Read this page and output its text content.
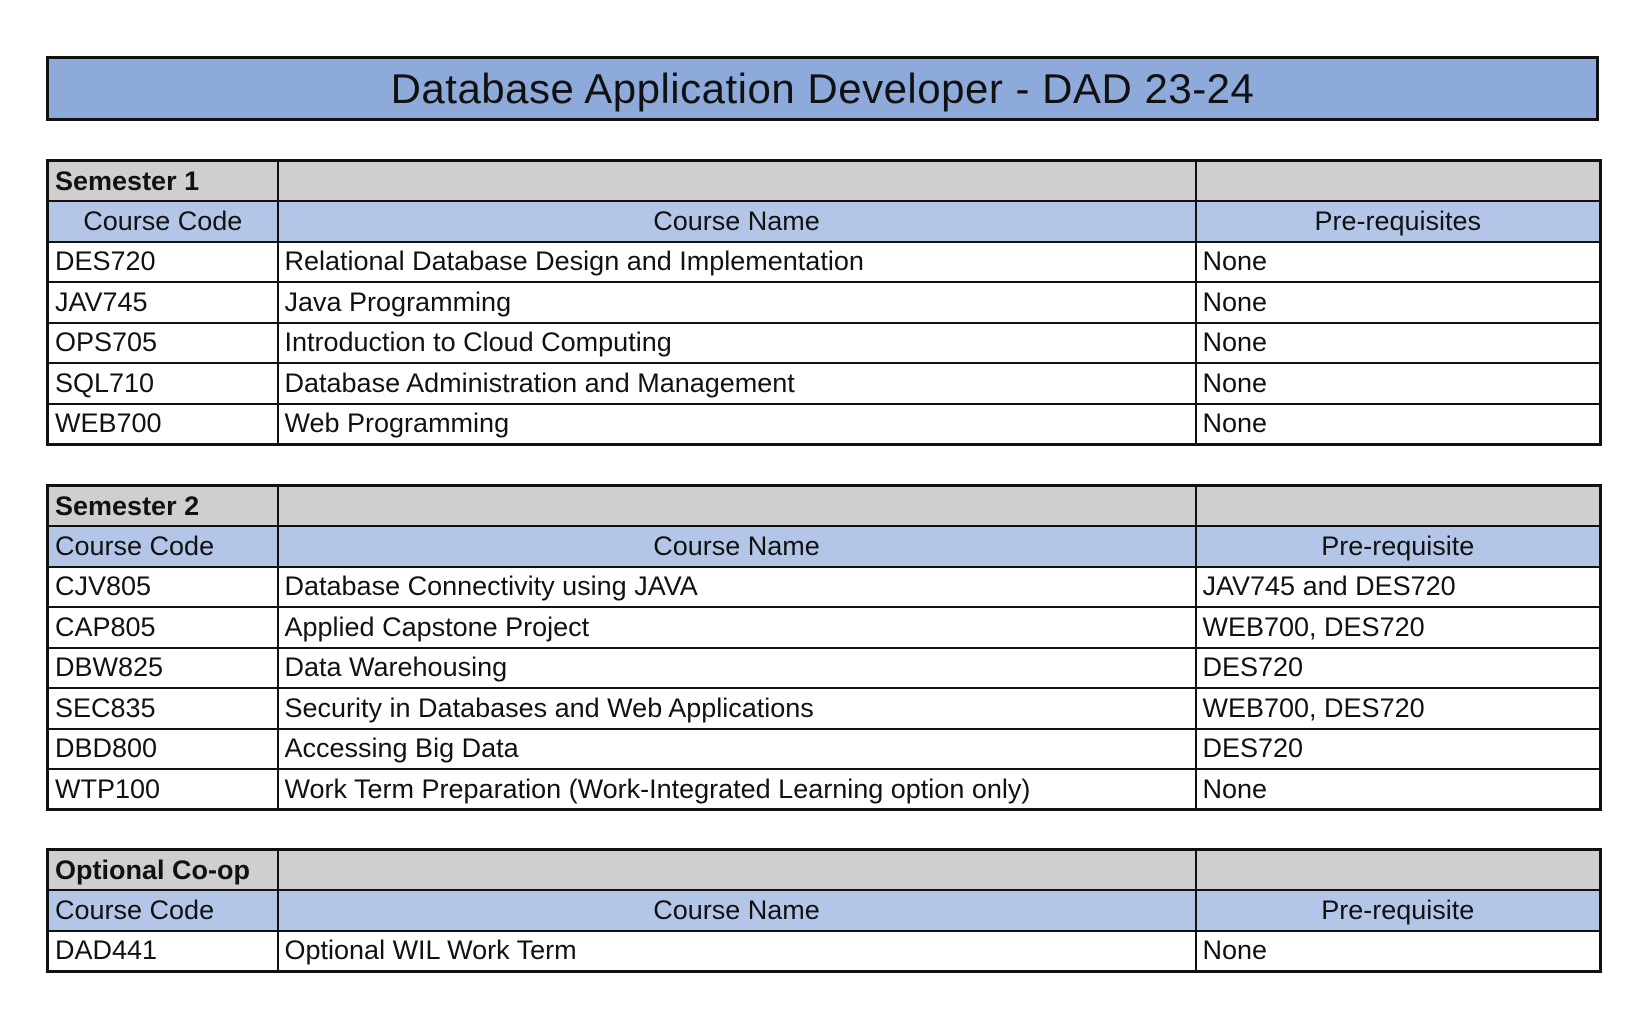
Database Application Developer - DAD 23-24
Semester 1		
Course Code	Course Name	Pre-requisites
DES720	Relational Database Design and Implementation	None
JAV745	Java Programming	None
OPS705	Introduction to Cloud Computing	None
SQL710	Database Administration and Management	None
WEB700	Web Programming	None
Semester 2		
Course Code	Course Name	Pre-requisite
CJV805	Database Connectivity using JAVA	JAV745 and DES720
CAP805	Applied Capstone Project	WEB700, DES720
DBW825	Data Warehousing	DES720
SEC835	Security in Databases and Web Applications	WEB700, DES720
DBD800	Accessing Big Data	DES720
WTP100	Work Term Preparation (Work-Integrated Learning option only)	None
Optional Co-op		
Course Code	Course Name	Pre-requisite
DAD441	Optional WIL Work Term	None
